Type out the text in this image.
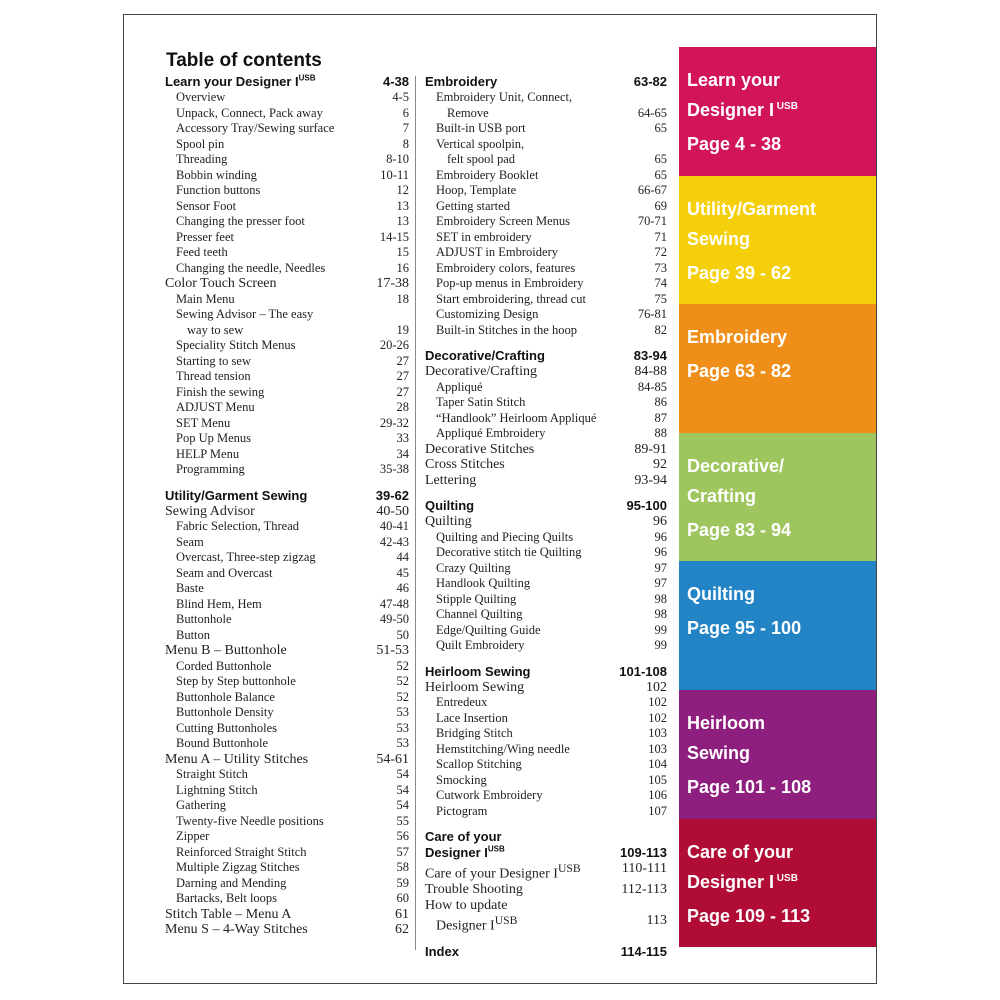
Table of contents
Learn your Designer $I^{USB}$	4-38
Overview	4-5
Unpack, Connect, Pack away	6
Accessory Tray/Sewing surface	7
Spool pin	8
Threading	8-10
Bobbin winding	10-11
Function buttons	12
Sensor Foot	13
Changing the presser foot	13
Presser feet	14-15
Feed teeth	15
Changing the needle, Needles	16
Color Touch Screen	17-38
Main Menu	18
Sewing Advisor – The easy
way to sew	19
Speciality Stitch Menus	20-26
Starting to sew	27
Thread tension	27
Finish the sewing	27
ADJUST Menu	28
SET Menu	29-32
Pop Up Menus	33
HELP Menu	34
Programming	35-38
Utility/Garment Sewing	39-62
Sewing Advisor	40-50
Fabric Selection, Thread	40-41
Seam	42-43
Overcast, Three-step zigzag	44
Seam and Overcast	45
Baste	46
Blind Hem, Hem	47-48
Buttonhole	49-50
Button	50
Menu B – Buttonhole	51-53
Corded Buttonhole	52
Step by Step buttonhole	52
Buttonhole Balance	52
Buttonhole Density	53
Cutting Buttonholes	53
Bound Buttonhole	53
Menu A – Utility Stitches	54-61
Straight Stitch	54
Lightning Stitch	54
Gathering	54
Twenty-five Needle positions	55
Zipper	56
Reinforced Straight Stitch	57
Multiple Zigzag Stitches	58
Darning and Mending	59
Bartacks, Belt loops	60
Stitch Table – Menu A	61
Menu S – 4-Way Stitches	62
Embroidery	63-82
Embroidery Unit, Connect,
Remove	64-65
Built-in USB port	65
Vertical spoolpin,
felt spool pad	65
Embroidery Booklet	65
Hoop, Template	66-67
Getting started	69
Embroidery Screen Menus	70-71
SET in embroidery	71
ADJUST in Embroidery	72
Embroidery colors, features	73
Pop-up menus in Embroidery	74
Start embroidering, thread cut	75
Customizing Design	76-81
Built-in Stitches in the hoop	82
Decorative/Crafting	83-94
Decorative/Crafting	84-88
Appliqué	84-85
Taper Satin Stitch	86
“Handlook” Heirloom Appliqué	87
Appliqué Embroidery	88
Decorative Stitches	89-91
Cross Stitches	92
Lettering	93-94
Quilting	95-100
Quilting	96
Quilting and Piecing Quilts	96
Decorative stitch tie Quilting	96
Crazy Quilting	97
Handlook Quilting	97
Stipple Quilting	98
Channel Quilting	98
Edge/Quilting Guide	99
Quilt Embroidery	99
Heirloom Sewing	101-108
Heirloom Sewing	102
Entredeux	102
Lace Insertion	102
Bridging Stitch	103
Hemstitching/Wing needle	103
Scallop Stitching	104
Smocking	105
Cutwork Embroidery	106
Pictogram	107
Care of your
Designer $I^{USB}$	109-113
Care of your Designer $I^{USB}$	110-111
Trouble Shooting	112-113
How to update
Designer $I^{USB}$	113
Index	114-115
Learn your
Designer I $^{USB}$
Page 4 - 38
Utility/Garment
Sewing
Page 39 - 62
Embroidery
Page 63 - 82
Decorative/
Crafting
Page 83 - 94
Quilting
Page 95 - 100
Heirloom
Sewing
Page 101 - 108
Care of your
Designer I $^{USB}$
Page 109 - 113
